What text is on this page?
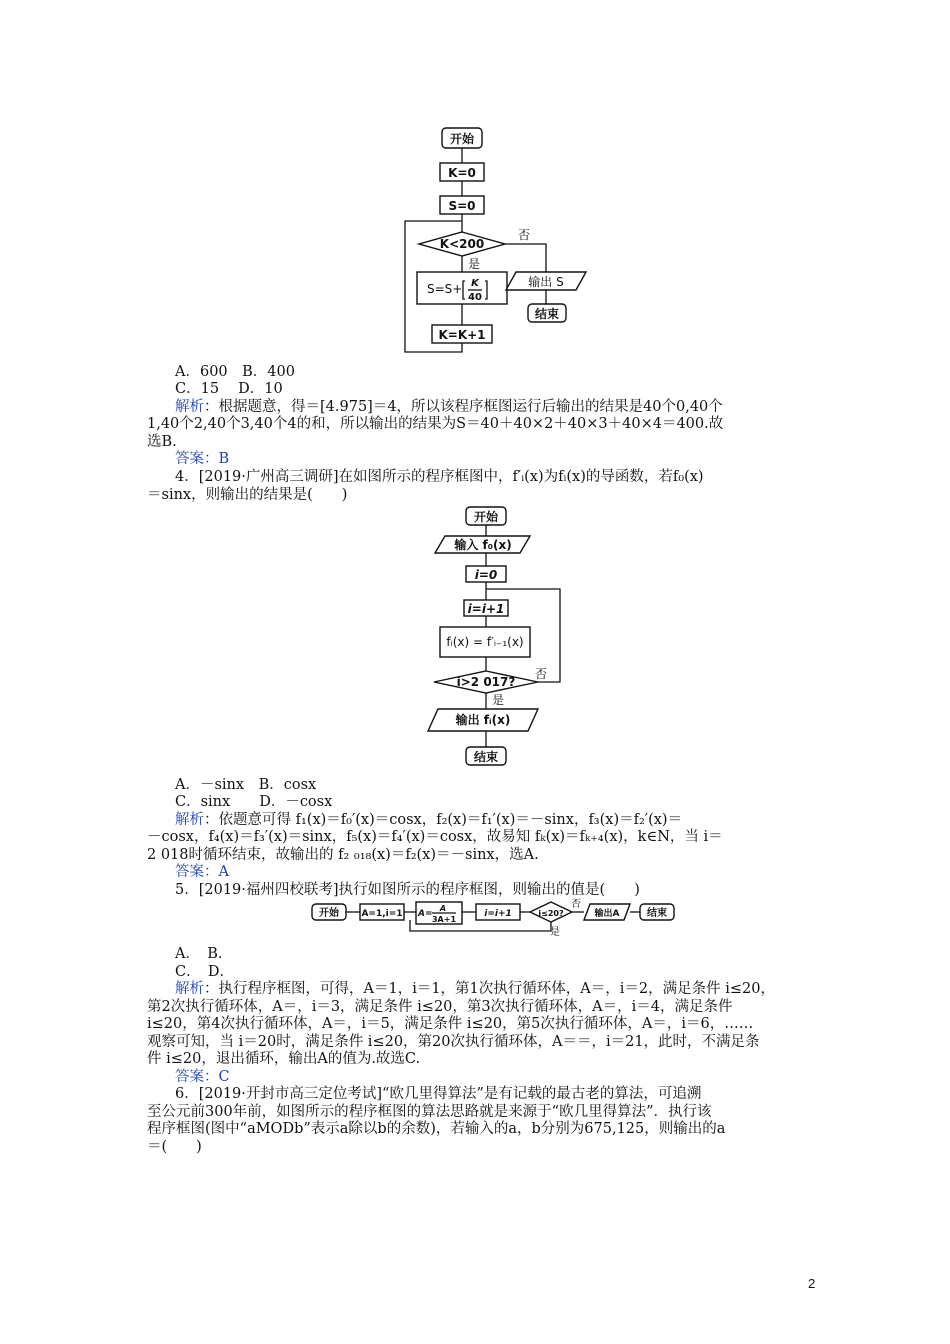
开始
K=0
S=0
K<200
否
是
S=S+ K
40
K=K+1
输出 S
结束
A．600　B．400
C．15　 D．10
解析：根据题意，得＝[4.975]＝4，所以该程序框图运行后输出的结果是40个0,40个
1,40个2,40个3,40个4的和，所以输出的结果为S＝40＋40×2＋40×3＋40×4＝400.故
选B.
答案：B
4．[2019·广州高三调研]在如图所示的程序框图中，f′ᵢ(x)为fᵢ(x)的导函数，若f₀(x)
＝sinx，则输出的结果是(　　)
开始
输入 f₀(x)
i=0
i=i+1
fᵢ(x) = f′ᵢ₋₁(x)
i>2 017?
否
是
输出 fᵢ(x)
结束
A．－sinx　B．cosx
C．sinx　　D．－cosx
解析：依题意可得 f₁(x)＝f₀′(x)＝cosx，f₂(x)＝f₁′(x)＝－sinx，f₃(x)＝f₂′(x)＝
－cosx，f₄(x)＝f₃′(x)＝sinx，f₅(x)＝f₄′(x)＝cosx，故易知 fₖ(x)＝fₖ₊₄(x)，k∈N，当 i＝
2 018时循环结束，故输出的 f₂ ₀₁₈(x)＝f₂(x)＝－sinx，选A.
答案：A
5．[2019·福州四校联考]执行如图所示的程序框图，则输出的值是(　　)
开始 A=1,i=1 A=
A
3A+1
i=i+1	i≤20?
否
是
输出A	结束
A．　B．
C．　D．
解析：执行程序框图，可得，A＝1，i＝1，第1次执行循环体，A＝，i＝2，满足条件 i≤20，
第2次执行循环体，A＝，i＝3，满足条件 i≤20，第3次执行循环体，A＝，i＝4，满足条件
i≤20，第4次执行循环体，A＝，i＝5，满足条件 i≤20，第5次执行循环体，A＝，i＝6，……
观察可知，当 i＝20时，满足条件 i≤20，第20次执行循环体，A＝＝，i＝21，此时，不满足条
件 i≤20，退出循环，输出A的值为.故选C.
答案：C
6．[2019·开封市高三定位考试]“欧几里得算法”是有记载的最古老的算法，可追溯
至公元前300年前，如图所示的程序框图的算法思路就是来源于“欧几里得算法”．执行该
程序框图(图中“aMODb”表示a除以b的余数)，若输入的a，b分别为675,125，则输出的a
＝(　　)
2
